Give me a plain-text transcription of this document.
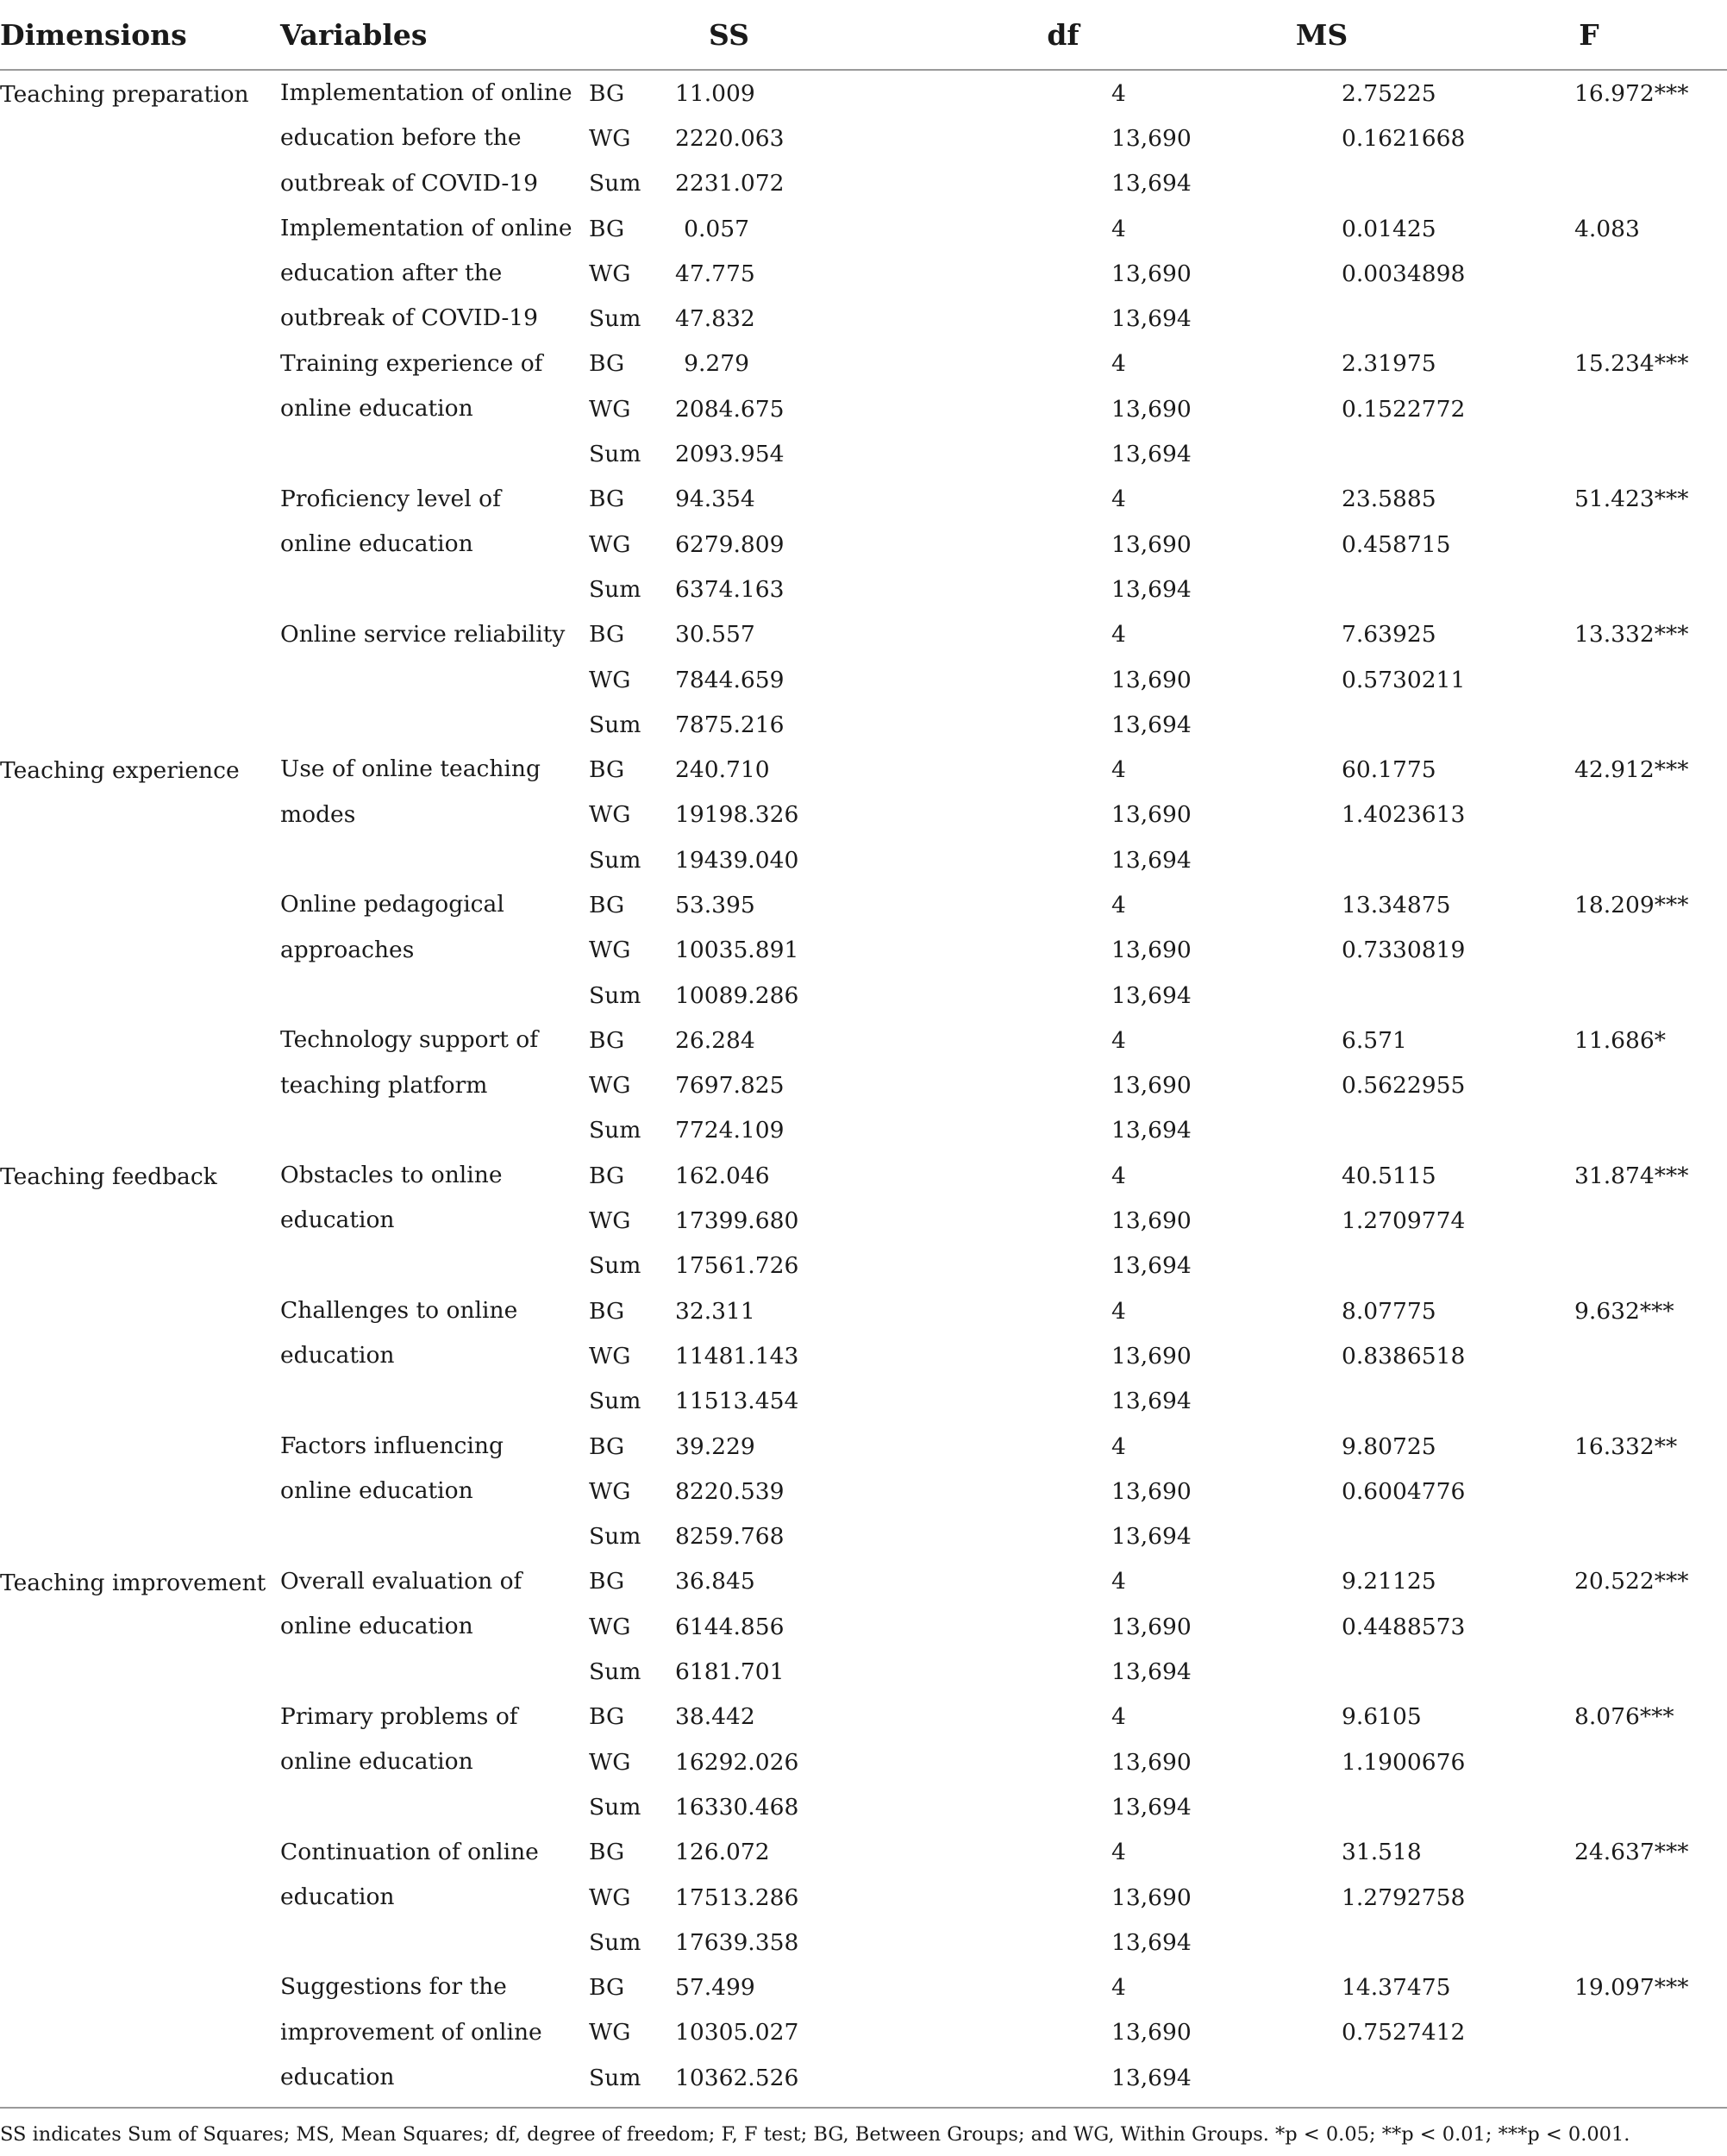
Dimensions	Variables		SS	df	MS	F
Teaching preparation	Implementation of online education before the outbreak of COVID-19	BG	11.009	4	2.75225	16.972***
		WG	2220.063	13,690	0.1621668	
		Sum	2231.072	13,694		
	Implementation of online education after the outbreak of COVID-19	BG	0.057	4	0.01425	4.083
		WG	47.775	13,690	0.0034898	
		Sum	47.832	13,694		
	Training experience of online education	BG	9.279	4	2.31975	15.234***
		WG	2084.675	13,690	0.1522772	
		Sum	2093.954	13,694		
	Proficiency level of online education	BG	94.354	4	23.5885	51.423***
		WG	6279.809	13,690	0.458715	
		Sum	6374.163	13,694		
	Online service reliability	BG	30.557	4	7.63925	13.332***
		WG	7844.659	13,690	0.5730211	
		Sum	7875.216	13,694		
Teaching experience	Use of online teaching modes	BG	240.710	4	60.1775	42.912***
		WG	19198.326	13,690	1.4023613	
		Sum	19439.040	13,694		
	Online pedagogical approaches	BG	53.395	4	13.34875	18.209***
		WG	10035.891	13,690	0.7330819	
		Sum	10089.286	13,694		
	Technology support of teaching platform	BG	26.284	4	6.571	11.686*
		WG	7697.825	13,690	0.5622955	
		Sum	7724.109	13,694		
Teaching feedback	Obstacles to online education	BG	162.046	4	40.5115	31.874***
		WG	17399.680	13,690	1.2709774	
		Sum	17561.726	13,694		
	Challenges to online education	BG	32.311	4	8.07775	9.632***
		WG	11481.143	13,690	0.8386518	
		Sum	11513.454	13,694		
	Factors influencing online education	BG	39.229	4	9.80725	16.332**
		WG	8220.539	13,690	0.6004776	
		Sum	8259.768	13,694		
Teaching improvement	Overall evaluation of online education	BG	36.845	4	9.21125	20.522***
		WG	6144.856	13,690	0.4488573	
		Sum	6181.701	13,694		
	Primary problems of online education	BG	38.442	4	9.6105	8.076***
		WG	16292.026	13,690	1.1900676	
		Sum	16330.468	13,694		
	Continuation of online education	BG	126.072	4	31.518	24.637***
		WG	17513.286	13,690	1.2792758	
		Sum	17639.358	13,694		
	Suggestions for the improvement of online education	BG	57.499	4	14.37475	19.097***
		WG	10305.027	13,690	0.7527412	
		Sum	10362.526	13,694		
SS indicates Sum of Squares; MS, Mean Squares; df, degree of freedom; F, F test; BG, Between Groups; and WG, Within Groups. *p < 0.05; **p < 0.01; ***p < 0.001.
